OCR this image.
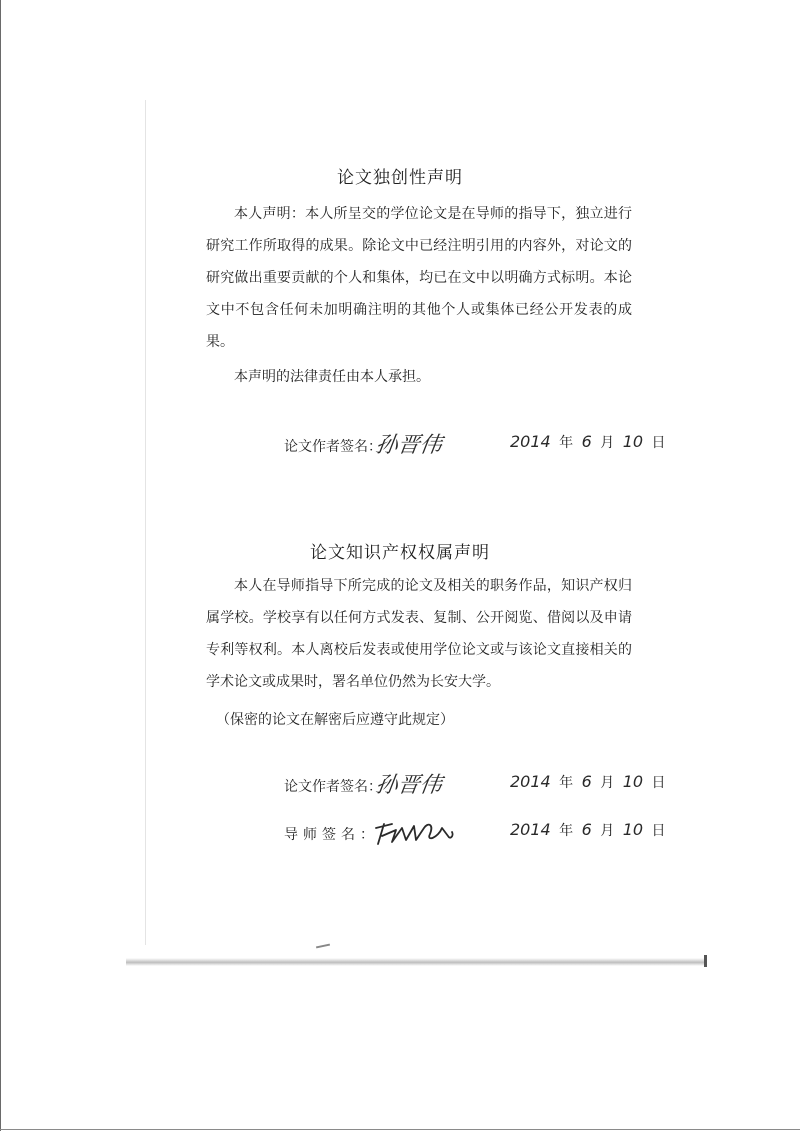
论文独创性声明

本人声明：本人所呈交的学位论文是在导师的指导下，独立进行研究工作所取得的成果。除论文中已经注明引用的内容外，对论文的研究做出重要贡献的个人和集体，均已在文中以明确方式标明。本论文中不包含任何未加明确注明的其他个人或集体已经公开发表的成果。

本声明的法律责任由本人承担。

论文作者签名：
孙晋伟	2014 年 6 月 10 日
论文知识产权权属声明

本人在导师指导下所完成的论文及相关的职务作品，知识产权归属学校。学校享有以任何方式发表、复制、公开阅览、借阅以及申请专利等权利。本人离校后发表或使用学位论文或与该论文直接相关的学术论文或成果时，署名单位仍然为长安大学。

（保密的论文在解密后应遵守此规定）
论文作者签名：
孙晋伟	2014 年 6 月 10 日
导师签名：	2014 年 6 月 10 日
